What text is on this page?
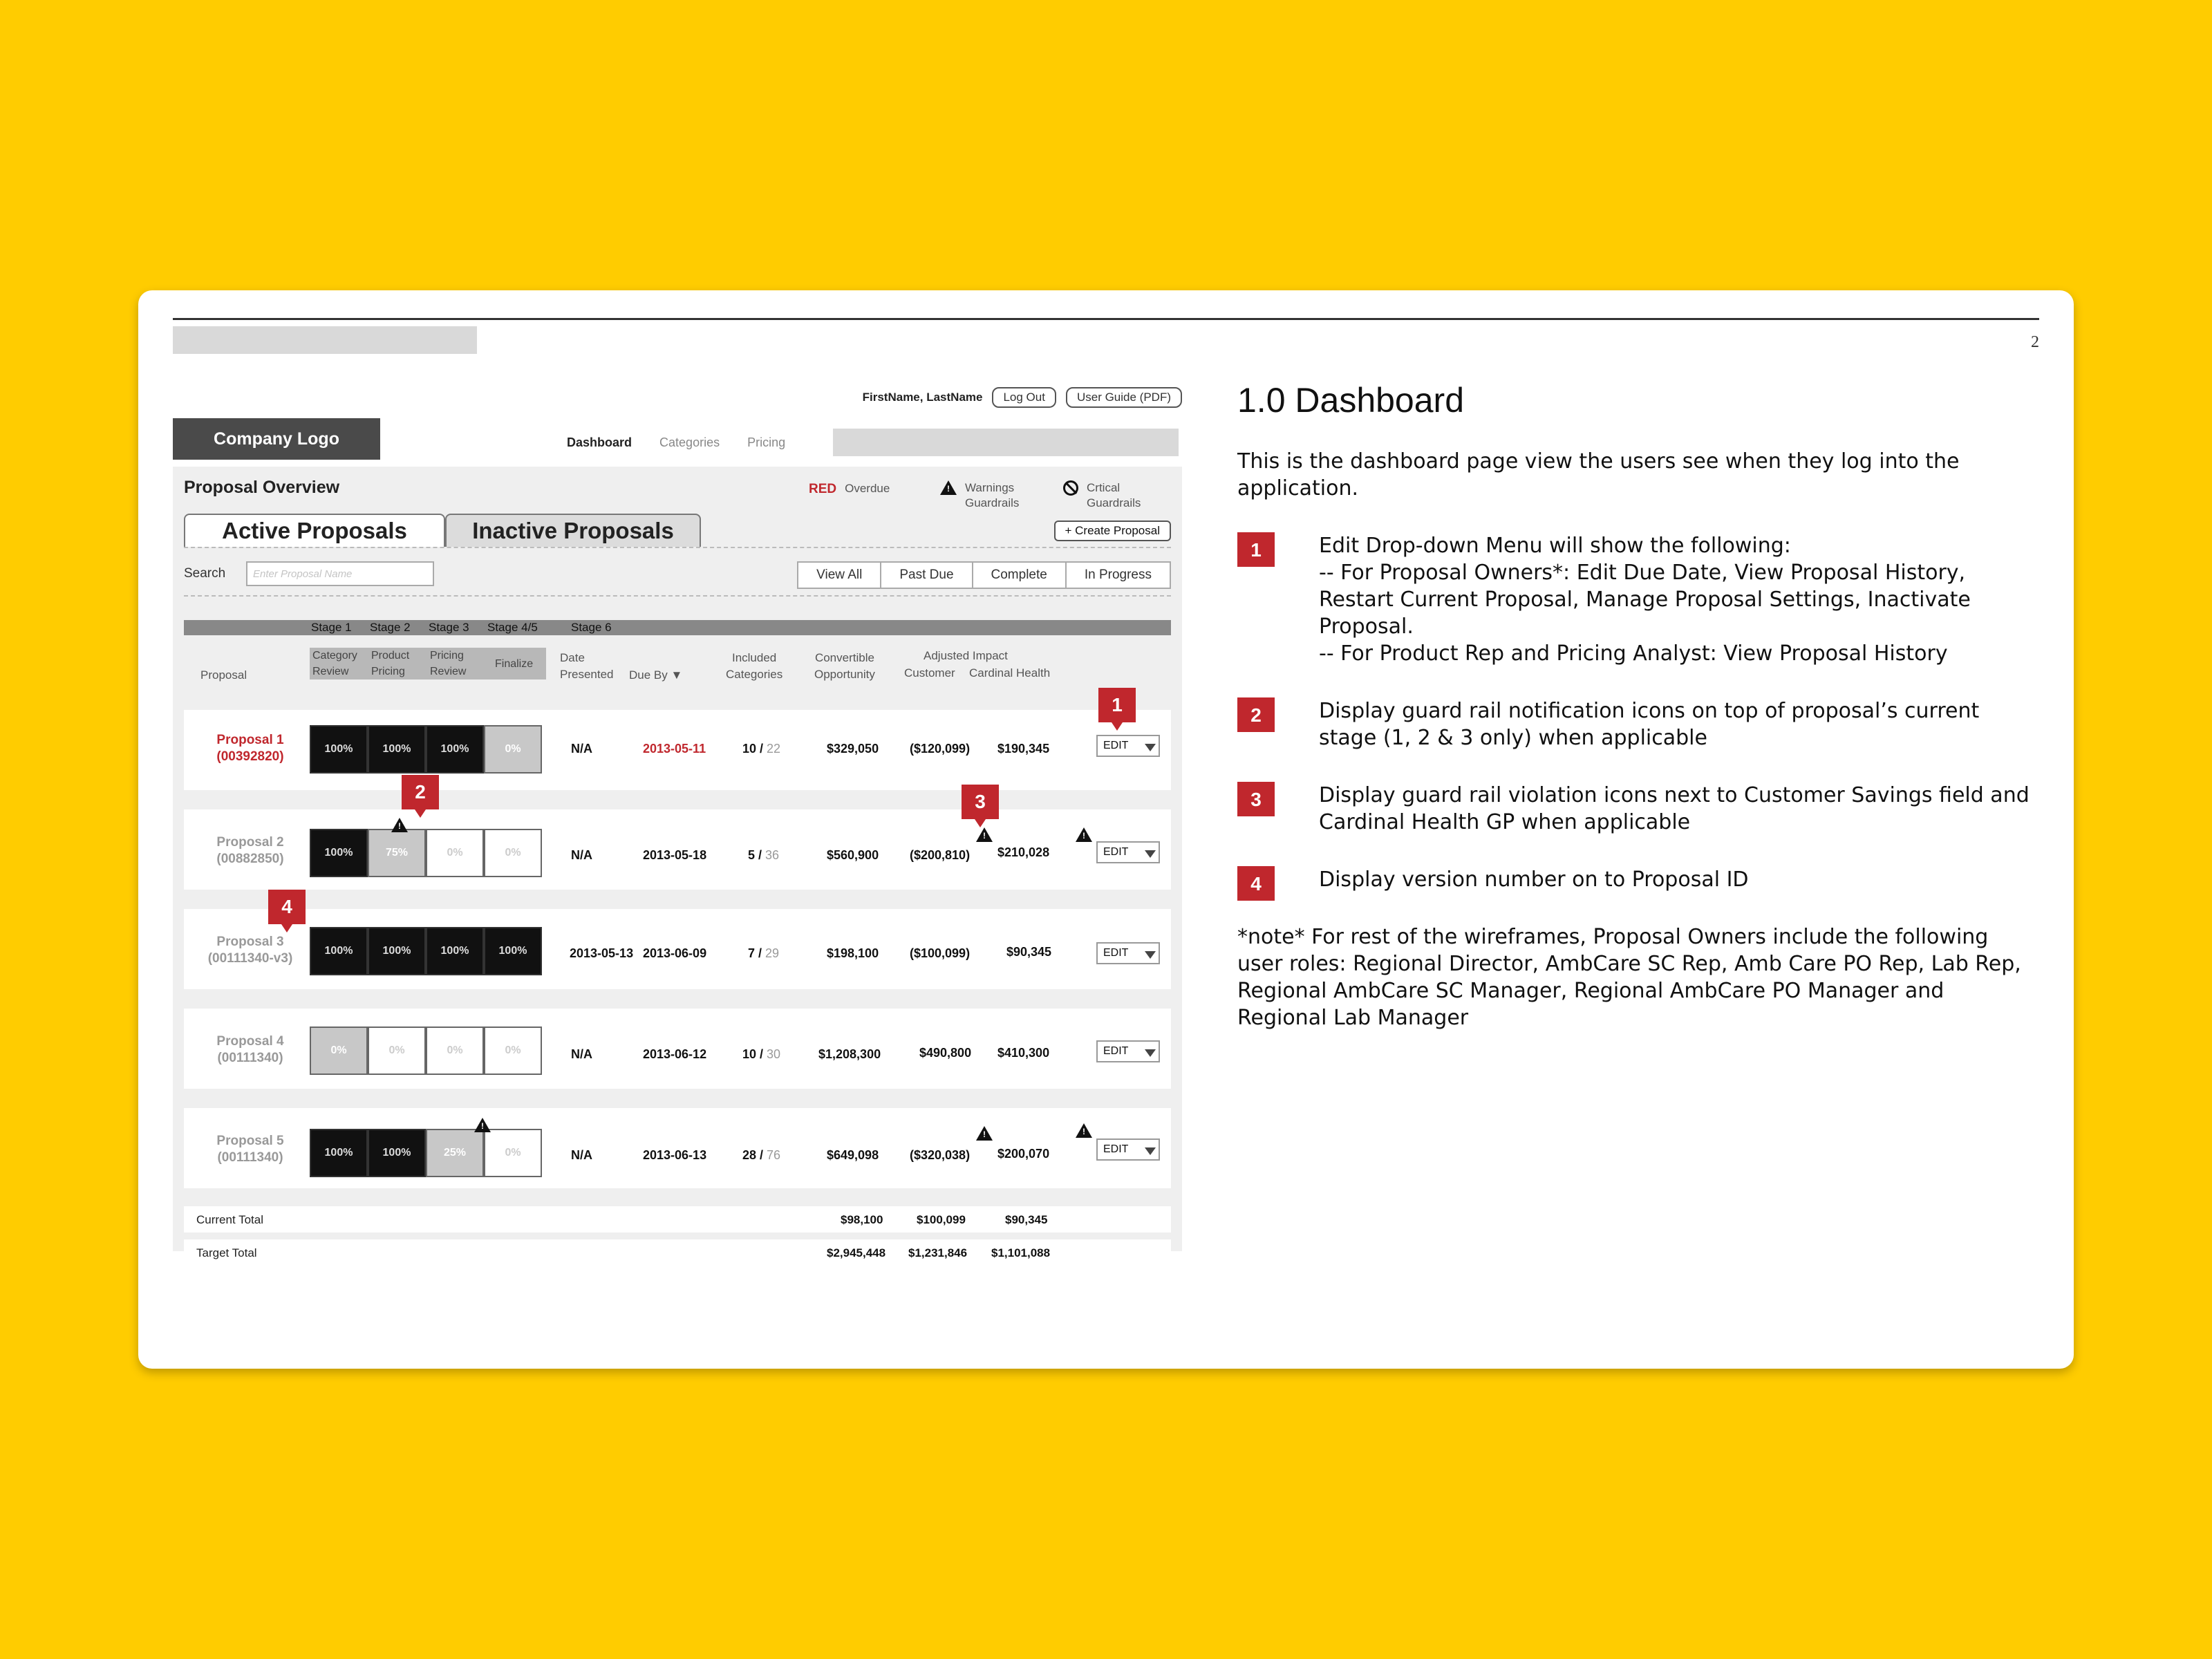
2
FirstName, LastName	Log Out	User Guide (PDF)
Company Logo	Dashboard Categories Pricing
Proposal Overview	RED Overdue
!	Warnings
Guardrails
Crtical
Guardrails
Active Proposals	Inactive Proposals	+ Create Proposal
Search
Enter Proposal Name	View All	Past Due	Complete	In Progress
Stage 1 Stage 2 Stage 3 Stage 4/5	Stage 6
Category
Review
Product
Pricing
Pricing
Review
Finalize
Proposal
Date
Presented Due By ▼
Included
Categories
Convertible
Opportunity
Adjusted Impact
Customer Cardinal Health
Proposal 1
(00392820)
100%	100%	100%	0%	N/A	2013-05-11	10 / 22	$329,050 ($120,099) $190,345	EDIT
Proposal 2
(00882850)	100%	75%	0%	0%
!
!
!	N/A	2013-05-18	5 / 36	$560,900 ($200,810) $210,028	EDIT
Proposal 3
(00111340-v3)
100%	100%	100%	100%	2013-05-13 2013-06-09	7 / 29	$198,100 ($100,099)	$90,345	EDIT
Proposal 4
(00111340)
0%	0%	0%	0%	N/A	2013-06-12	10 / 30	$1,208,300	$490,800 $410,300	EDIT
Proposal 5
(00111340)	100%	100%	25%	0%
!
!
!	N/A	2013-06-13	28 / 76	$649,098 ($320,038) $200,070	EDIT
Current Total	$98,100	$100,099	$90,345
Target Total	$2,945,448 $1,231,846 $1,101,088
1
2	3
4
1.0 Dashboard

This is the dashboard page view the users see when they log into the application.

1	Edit Drop-down Menu will show the following:
-- For Proposal Owners*: Edit Due Date, View Proposal History, Restart Current Proposal, Manage Proposal Settings, Inactivate Proposal.
-- For Product Rep and Pricing Analyst: View Proposal History
2	Display guard rail notification icons on top of proposal’s current stage (1, 2 & 3 only) when applicable
3	Display guard rail violation icons next to Customer Savings field and Cardinal Health GP when applicable
4	Display version number on to Proposal ID

*note* For rest of the wireframes, Proposal Owners include the following user roles: Regional Director, AmbCare SC Rep, Amb Care PO Rep, Lab Rep, Regional AmbCare SC Manager, Regional AmbCare PO Manager and Regional Lab Manager
